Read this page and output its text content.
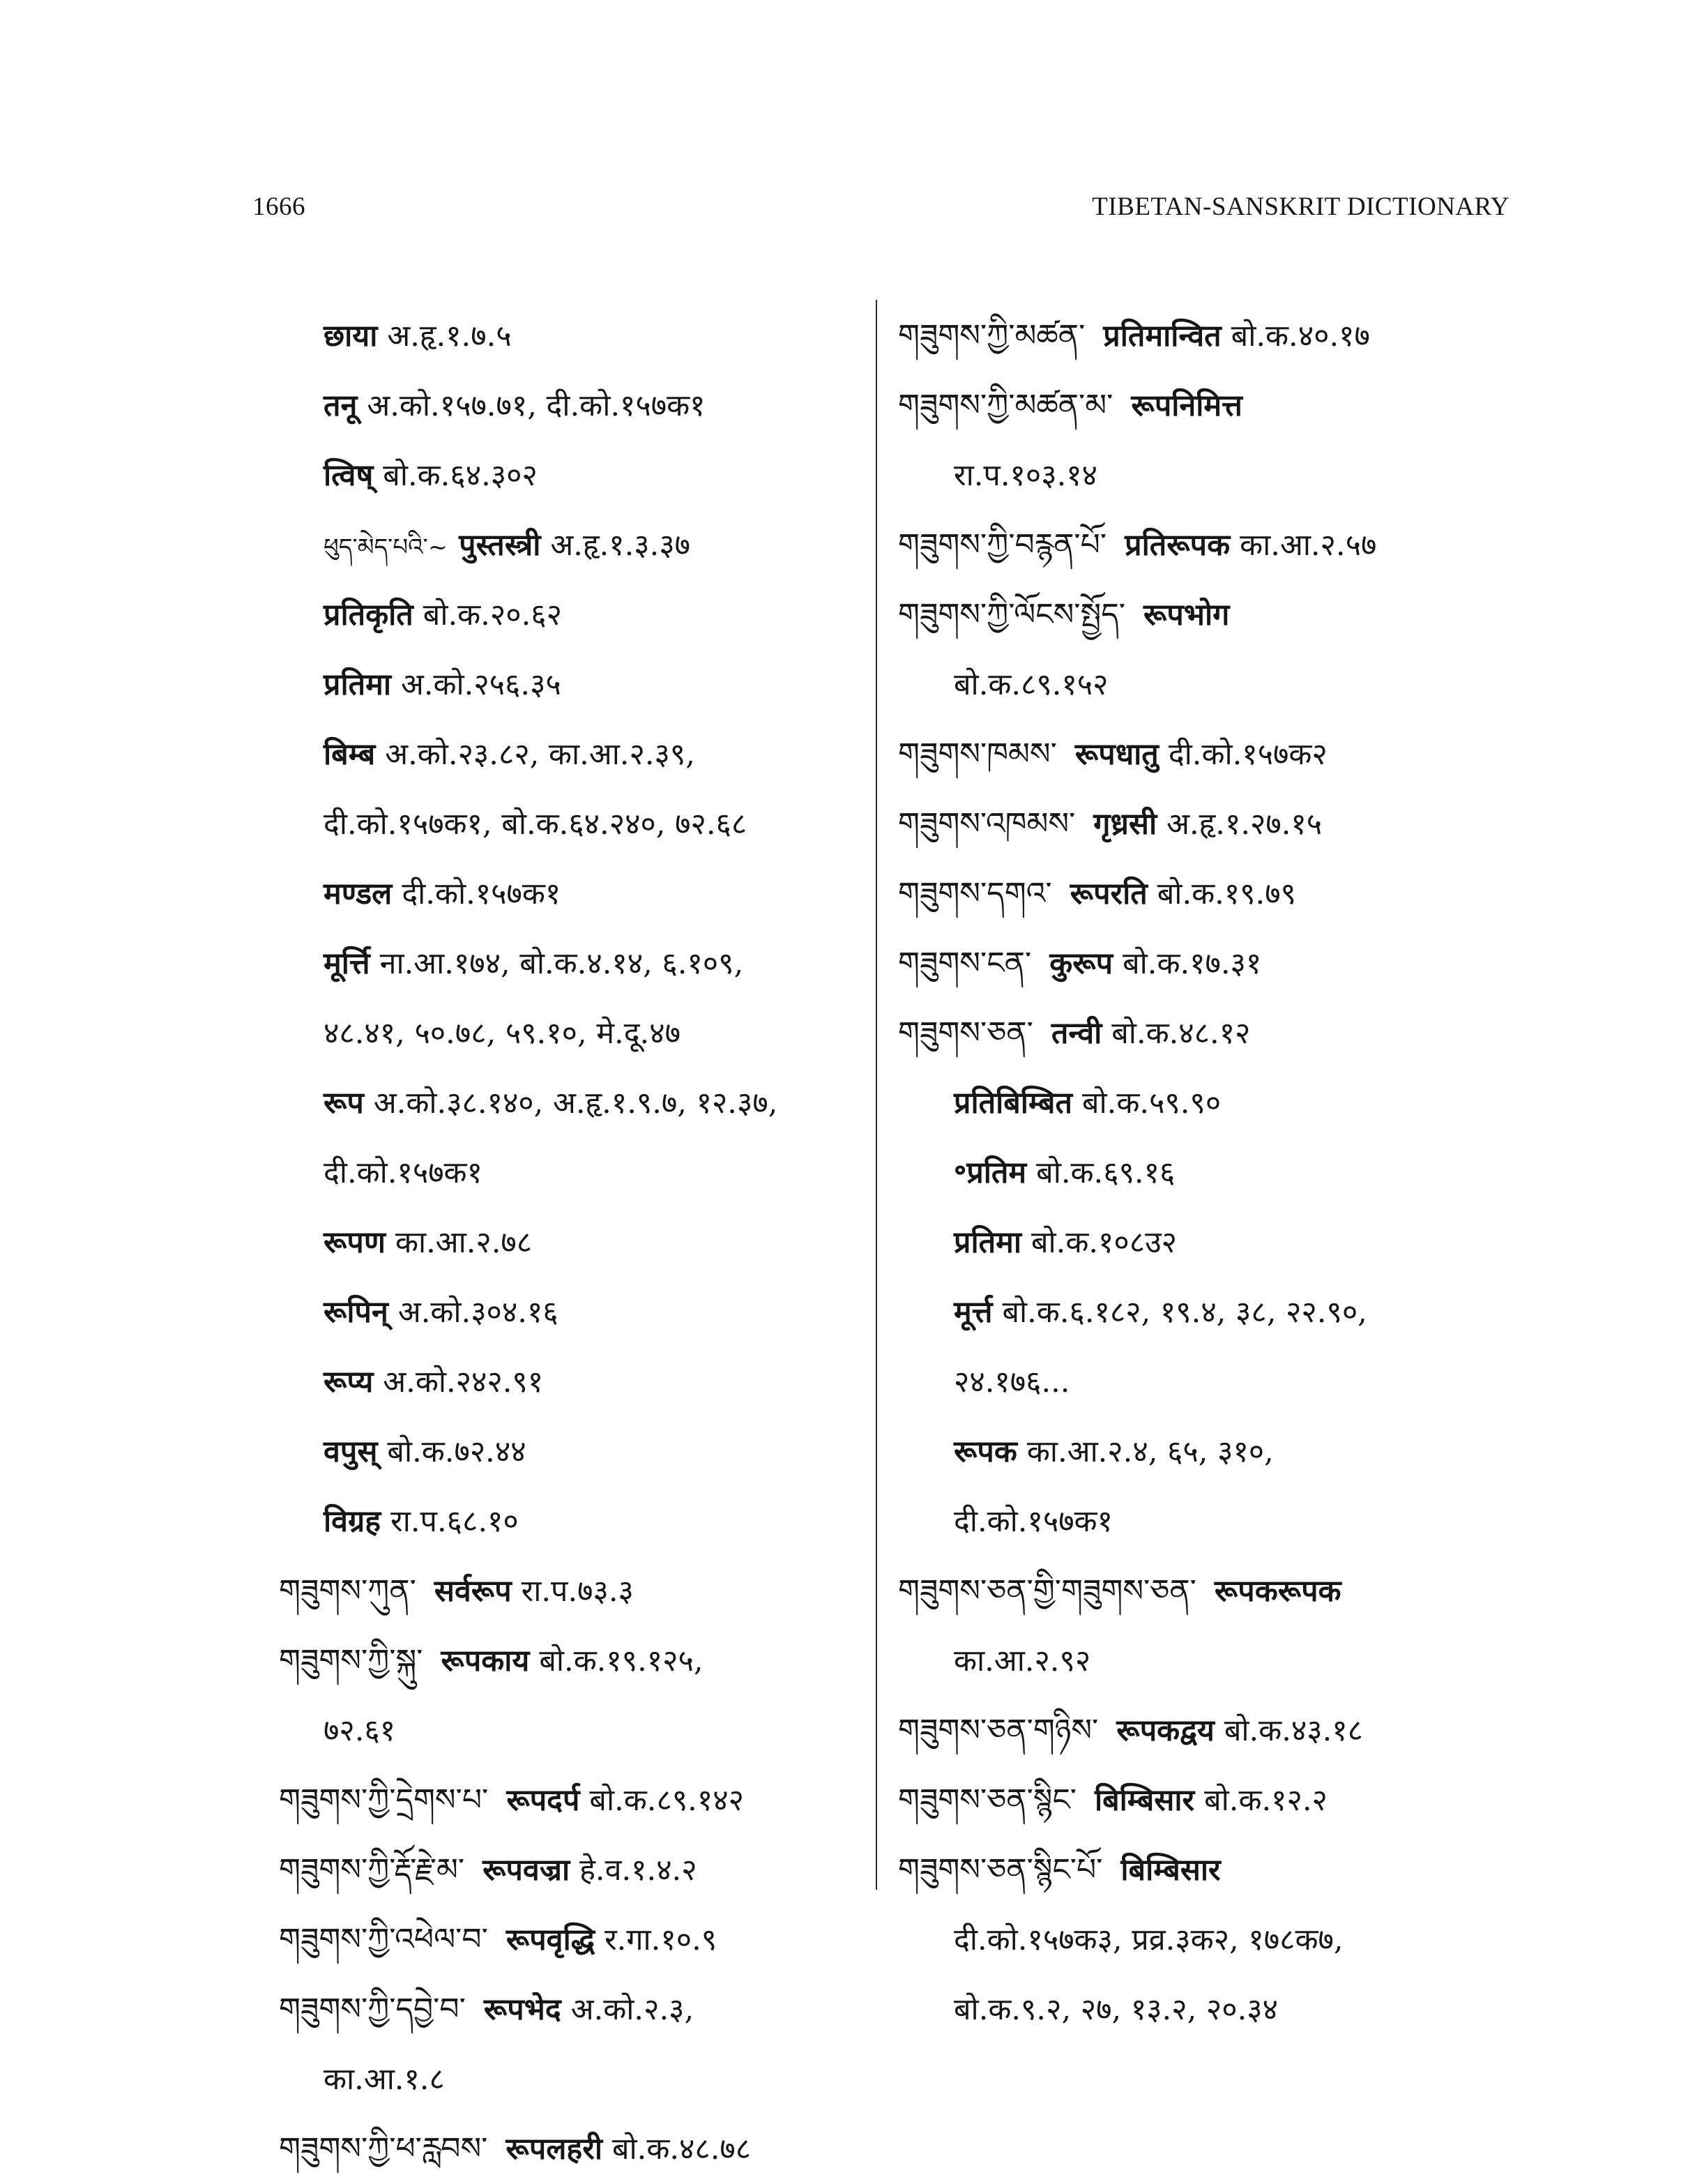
1666	TIBETAN-SANSKRIT DICTIONARY
छाया अ.हृ.१.७.५
तनू अ.को.१५७.७१, दी.को.१५७क१
त्विष् बो.क.६४.३०२
ཕུད་མེད་པའི་~ पुस्तस्त्री अ.हृ.१.३.३७
प्रतिकृति बो.क.२०.६२
प्रतिमा अ.को.२५६.३५
बिम्ब अ.को.२३.८२, का.आ.२.३९,
दी.को.१५७क१, बो.क.६४.२४०, ७२.६८
मण्डल दी.को.१५७क१
मूर्त्ति ना.आ.१७४, बो.क.४.१४, ६.१०९,
४८.४१, ५०.७८, ५९.१०, मे.दू.४७
रूप अ.को.३८.१४०, अ.हृ.१.९.७, १२.३७,
दी.को.१५७क१
रूपण का.आ.२.७८
रूपिन् अ.को.३०४.१६
रूप्य अ.को.२४२.९१
वपुस् बो.क.७२.४४
विग्रह रा.प.६८.१०
གཟུགས་ཀུན་ सर्वरूप रा.प.७३.३
གཟུགས་ཀྱི་སྐུ་ रूपकाय बो.क.१९.१२५,
७२.६१
གཟུགས་ཀྱི་དྲེགས་པ་ रूपदर्प बो.क.८९.१४२
གཟུགས་ཀྱི་རྡོ་རྗེ་མ་ रूपवज्रा हे.व.१.४.२
གཟུགས་ཀྱི་འཕེལ་བ་ रूपवृद्धि र.गा.१०.९
གཟུགས་ཀྱི་དབྱེ་བ་ रूपभेद अ.को.२.३,
का.आ.१.८
གཟུགས་ཀྱི་ཕ་རླབས་ रूपलहरी बो.क.४८.७८
གཟུགས་ཀྱི་མཚན་ प्रतिमान्वित बो.क.४०.१७
གཟུགས་ཀྱི་མཚན་མ་ रूपनिमित्त
रा.प.१०३.१४
གཟུགས་ཀྱི་བརྙན་པོ་ प्रतिरूपक का.आ.२.५७
གཟུགས་ཀྱི་ལོངས་སྤྱོད་ रूपभोग
बो.क.८९.१५२
གཟུགས་ཁམས་ रूपधातु दी.को.१५७क२
གཟུགས་འཁམས་ गृध्रसी अ.हृ.१.२७.१५
གཟུགས་དགའ་ रूपरति बो.क.१९.७९
གཟུགས་ངན་ कुरूप बो.क.१७.३१
གཟུགས་ཅན་ तन्वी बो.क.४८.१२
प्रतिबिम्बित बो.क.५९.९०
॰प्रतिम बो.क.६९.१६
प्रतिमा बो.क.१०८उ२
मूर्त्त बो.क.६.१८२, १९.४, ३८, २२.९०,
२४.१७६...
रूपक का.आ.२.४, ६५, ३१०,
दी.को.१५७क१
གཟུགས་ཅན་གྱི་གཟུགས་ཅན་ रूपकरूपक
का.आ.२.९२
གཟུགས་ཅན་གཉིས་ रूपकद्वय बो.क.४३.१८
གཟུགས་ཅན་སྙིང་ बिम्बिसार बो.क.१२.२
གཟུགས་ཅན་སྙིང་པོ་ बिम्बिसार
दी.को.१५७क३, प्रव्र.३क२, १७८क७,
बो.क.९.२, २७, १३.२, २०.३४
